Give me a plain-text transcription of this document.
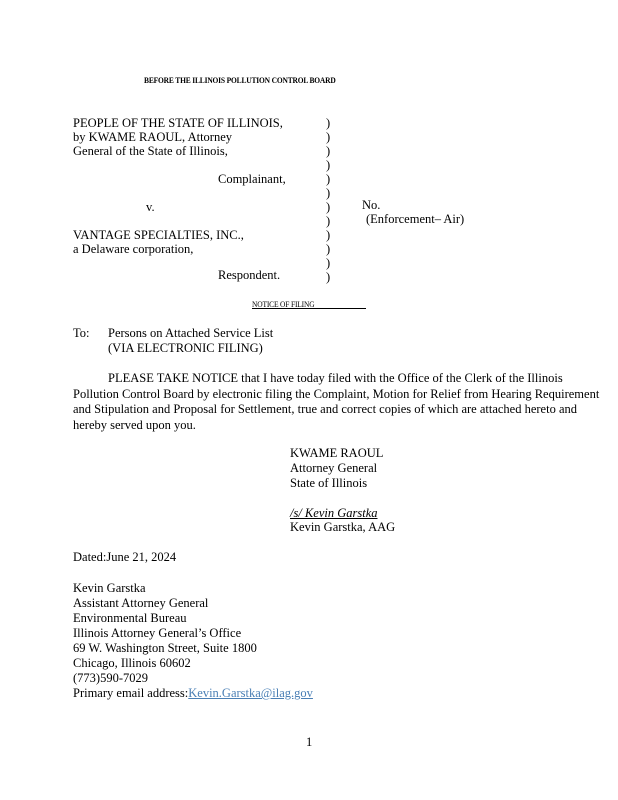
BEFORE THE ILLINOIS POLLUTION CONTROL BOARD
PEOPLE OF THE STATE OF ILLINOIS,
by KWAME RAOUL, Attorney
General of the State of Illinois,
Complainant,
v.
VANTAGE SPECIALTIES, INC.,
a Delaware corporation,
Respondent.
)
)
)
)
)
)
)
)
)
)
)
)
No.
(Enforcement– Air)
NOTICE OF FILING
To: Persons on Attached Service List
(VIA ELECTRONIC FILING)
PLEASE TAKE NOTICE that I have today filed with the Office of the Clerk of the Illinois Pollution Control Board by electronic filing the Complaint, Motion for Relief from Hearing Requirement and Stipulation and Proposal for Settlement, true and correct copies of which are attached hereto and hereby served upon you.
KWAME RAOUL
Attorney General
State of Illinois
/s/ Kevin Garstka
Kevin Garstka, AAG
Dated:June 21, 2024
Kevin Garstka
Assistant Attorney General
Environmental Bureau
Illinois Attorney General’s Office
69 W. Washington Street, Suite 1800
Chicago, Illinois 60602
(773)590-7029
Primary email address:Kevin.Garstka@ilag.gov
1
